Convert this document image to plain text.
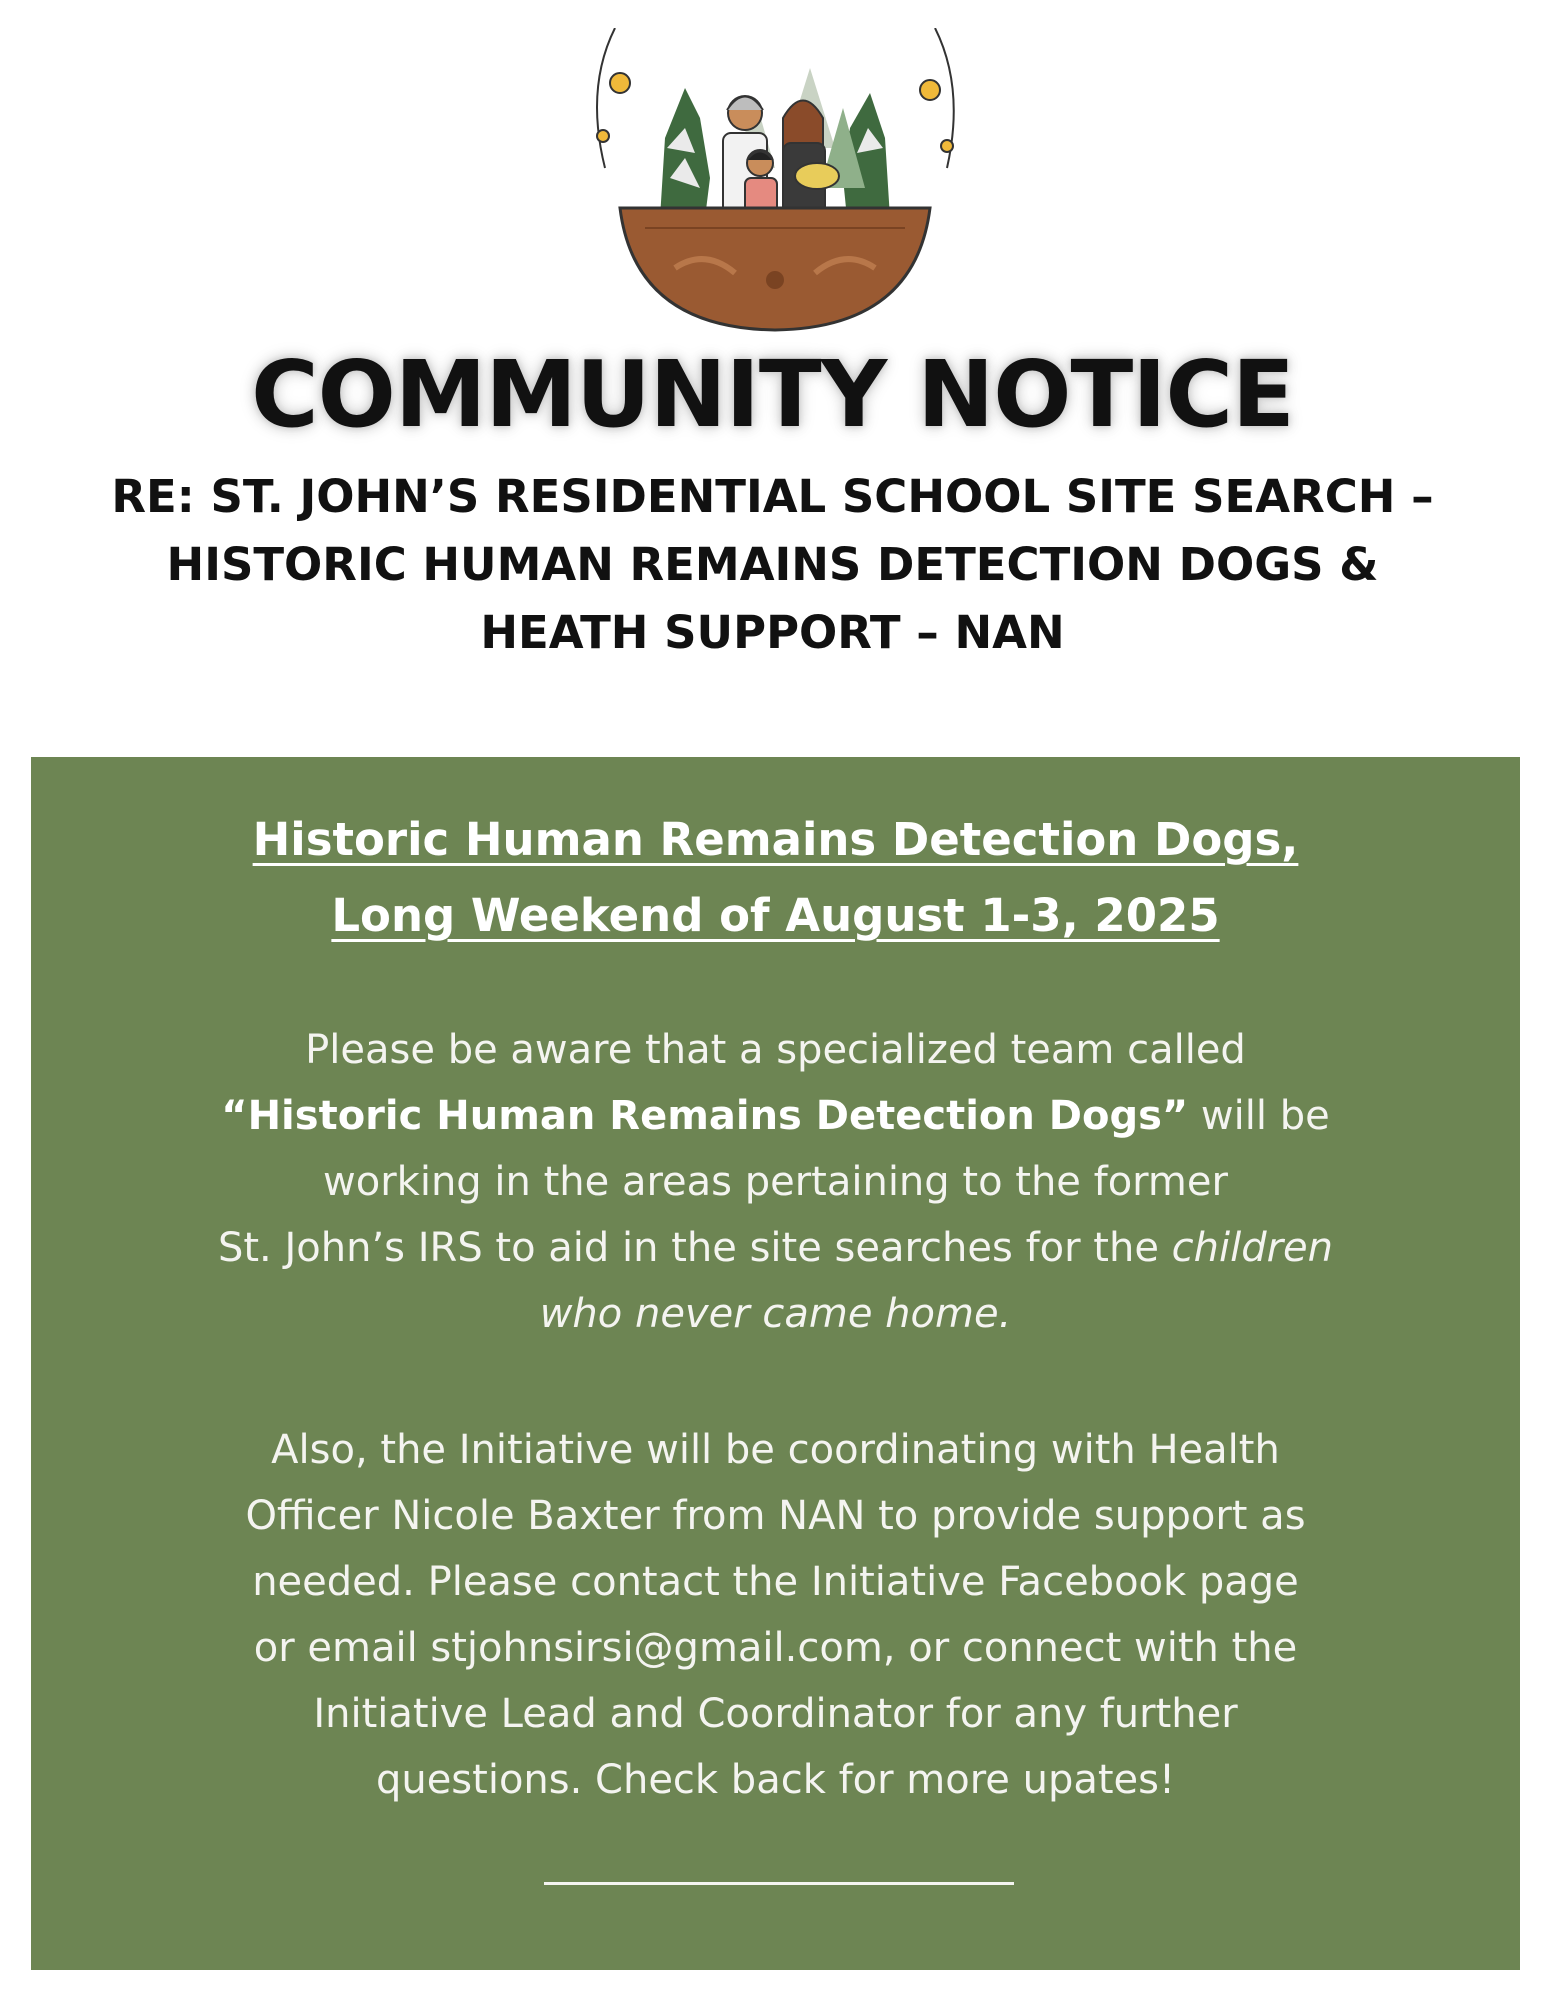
COMMUNITY NOTICE
RE: ST. JOHN’S RESIDENTIAL SCHOOL SITE SEARCH –
HISTORIC HUMAN REMAINS DETECTION DOGS &
HEATH SUPPORT – NAN
Historic Human Remains Detection Dogs,
Long Weekend of August 1-3, 2025

Please be aware that a specialized team called
“Historic Human Remains Detection Dogs” will be
working in the areas pertaining to the former
St. John’s IRS to aid in the site searches for the children
who never came home.

Also, the Initiative will be coordinating with Health
Officer Nicole Baxter from NAN to provide support as
needed. Please contact the Initiative Facebook page
or email stjohnsirsi@gmail.com, or connect with the
Initiative Lead and Coordinator for any further
questions. Check back for more upates!
